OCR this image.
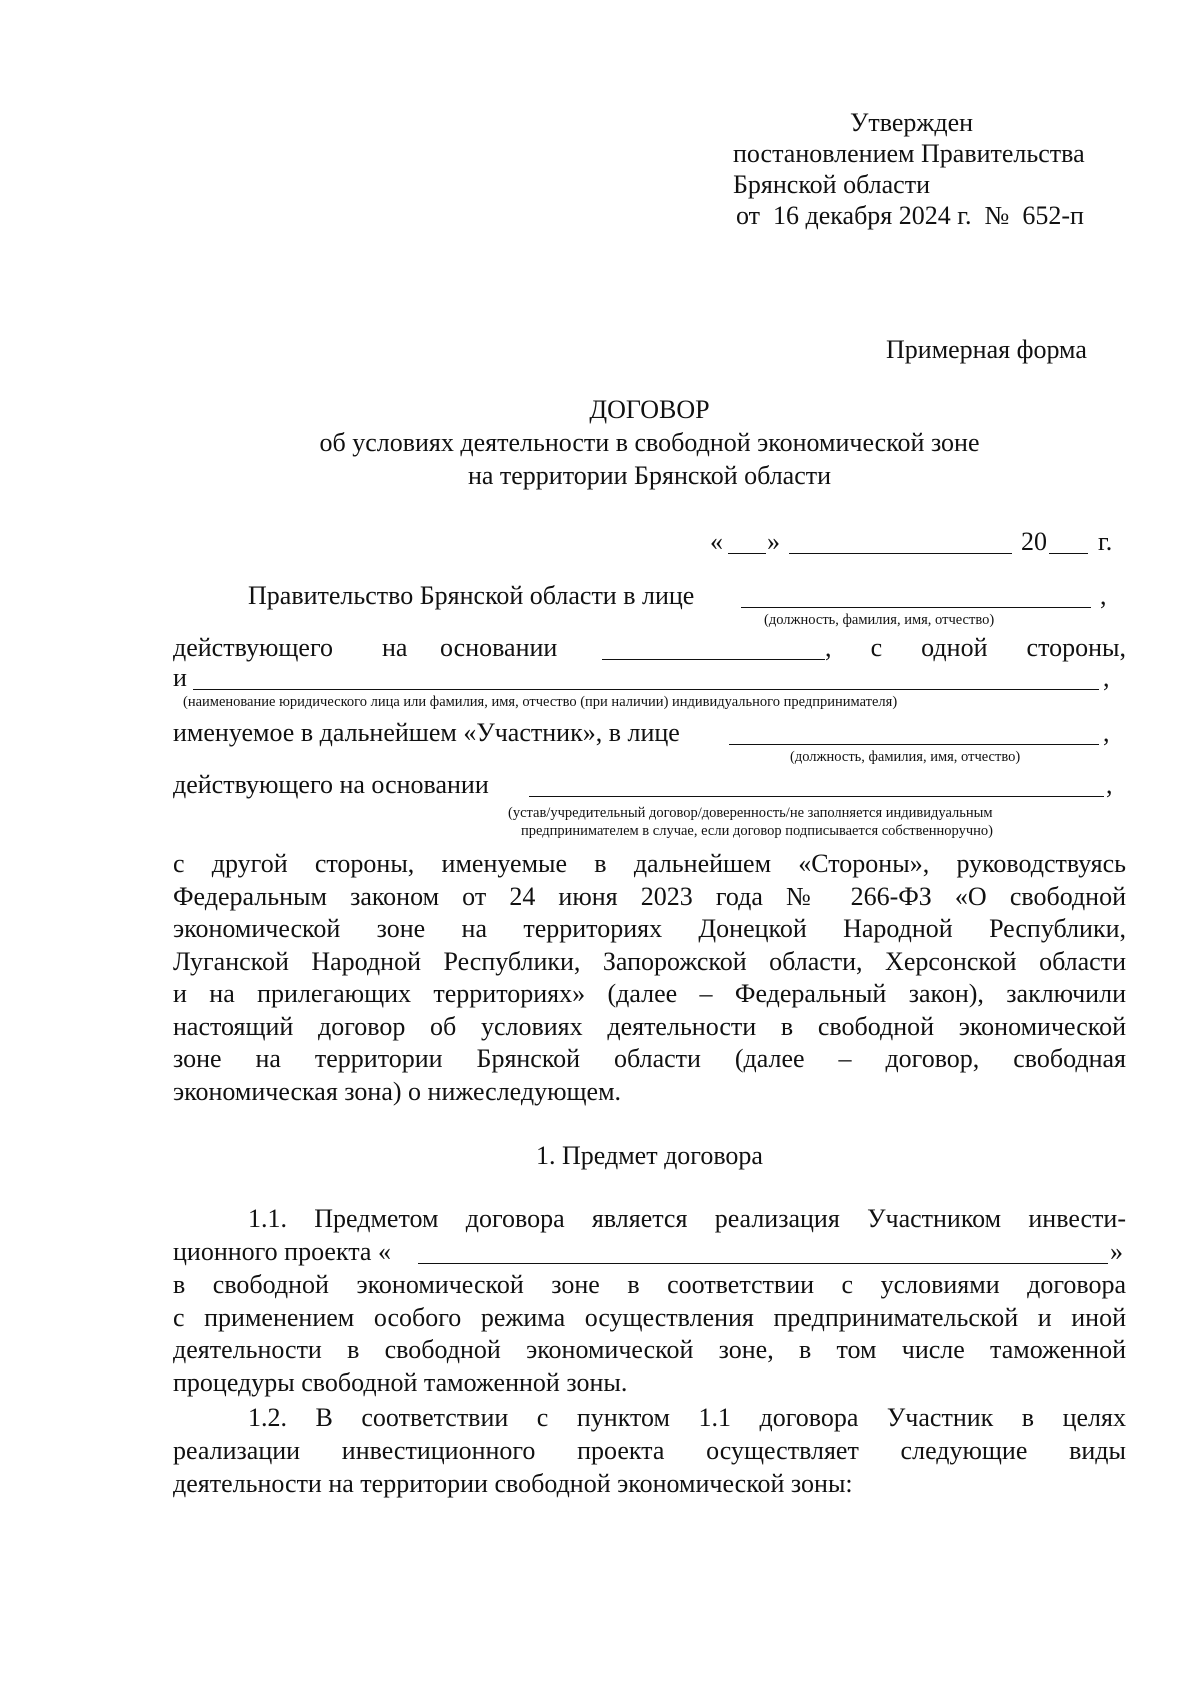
Утвержден
постановлением Правительства
Брянской области
от 16 декабря 2024 г. № 652-п
Примерная форма
ДОГОВОР
об условиях деятельности в свободной экономической зоне
на территории Брянской области
« »	20 г.
Правительство Брянской области в лице	,
(должность, фамилия, имя, отчество)
действующего на основании	, с одной стороны,
и	,
(наименование юридического лица или фамилия, имя, отчество (при наличии) индивидуального предпринимателя)
именуемое в дальнейшем «Участник», в лице	,
(должность, фамилия, имя, отчество)
действующего на основании	,
(устав/учредительный договор/доверенность/не заполняется индивидуальным
предпринимателем в случае, если договор подписывается собственноручно)
с другой стороны, именуемые в дальнейшем «Стороны», руководствуясь
Федеральным законом от 24 июня 2023 года № 266-ФЗ «О свободной
экономической зоне на территориях Донецкой Народной Республики,
Луганской Народной Республики, Запорожской области, Херсонской области
и на прилегающих территориях» (далее – Федеральный закон), заключили
настоящий договор об условиях деятельности в свободной экономической
зоне на территории Брянской области (далее – договор, свободная
экономическая зона) о нижеследующем.
1. Предмет договора
1.1. Предметом договора является реализация Участником инвести-
ционного проекта «	»
в свободной экономической зоне в соответствии с условиями договора
с применением особого режима осуществления предпринимательской и иной
деятельности в свободной экономической зоне, в том числе таможенной
процедуры свободной таможенной зоны.
1.2. В соответствии с пунктом 1.1 договора Участник в целях
реализации инвестиционного проекта осуществляет следующие виды
деятельности на территории свободной экономической зоны:
